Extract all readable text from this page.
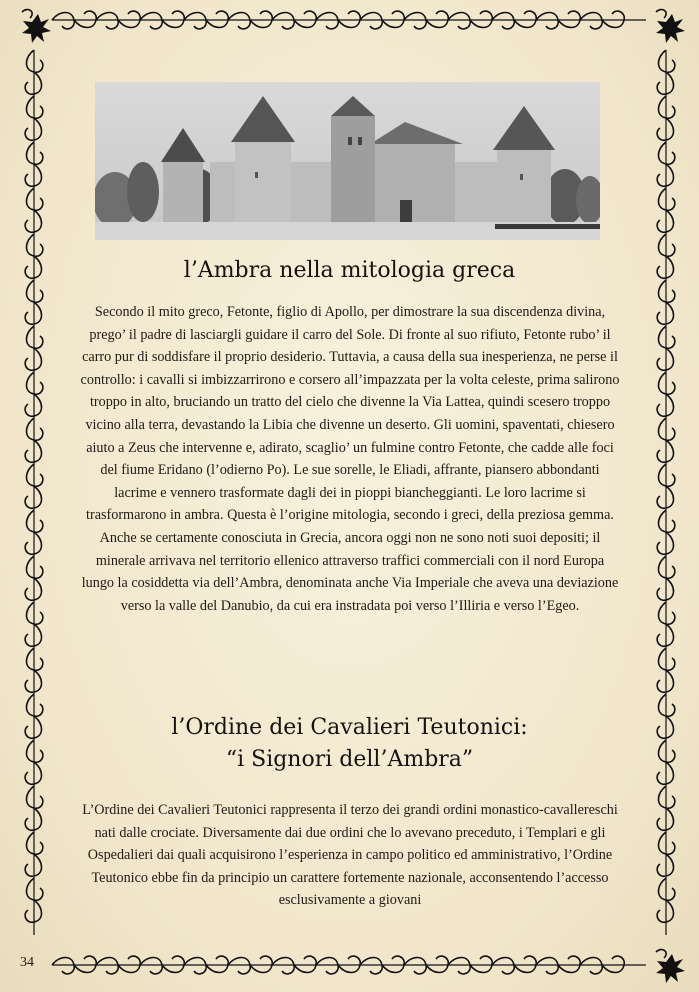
l’Ambra nella mitologia greca

Secondo il mito greco, Fetonte, figlio di Apollo, per dimostrare la sua discendenza divina, prego’ il padre di lasciargli guidare il carro del Sole. Di fronte al suo rifiuto, Fetonte rubo’ il carro pur di soddisfare il proprio desiderio. Tuttavia, a causa della sua inesperienza, ne perse il controllo: i cavalli si imbizzarrirono e corsero all’impazzata per la volta celeste, prima salirono troppo in alto, bruciando un tratto del cielo che divenne la Via Lattea, quindi scesero troppo vicino alla terra, devastando la Libia che divenne un deserto. Gli uomini, spaventati, chiesero aiuto a Zeus che intervenne e, adirato, scaglio’ un fulmine contro Fetonte, che cadde alle foci del fiume Eridano (l’odierno Po). Le sue sorelle, le Eliadi, affrante, piansero abbondanti lacrime e vennero trasformate dagli dei in pioppi biancheggianti. Le loro lacrime si trasformarono in ambra. Questa è l’origine mitologia, secondo i greci, della preziosa gemma.

Anche se certamente conosciuta in Grecia, ancora oggi non ne sono noti suoi depositi; il minerale arrivava nel territorio ellenico attraverso traffici commerciali con il nord Europa lungo la cosiddetta via dell’Ambra, denominata anche Via Imperiale che aveva una deviazione verso la valle del Danubio, da cui era instradata poi verso l’Illiria e verso l’Egeo.

l’Ordine dei Cavalieri Teutonici:
“i Signori dell’Ambra”

L’Ordine dei Cavalieri Teutonici rappresenta il terzo dei grandi ordini monastico-cavallereschi nati dalle crociate. Diversamente dai due ordini che lo avevano preceduto, i Templari e gli Ospedalieri dai quali acquisirono l’esperienza in campo politico ed amministrativo, l’Ordine Teutonico ebbe fin da principio un carattere fortemente nazionale, acconsentendo l’accesso esclusivamente a giovani

34
